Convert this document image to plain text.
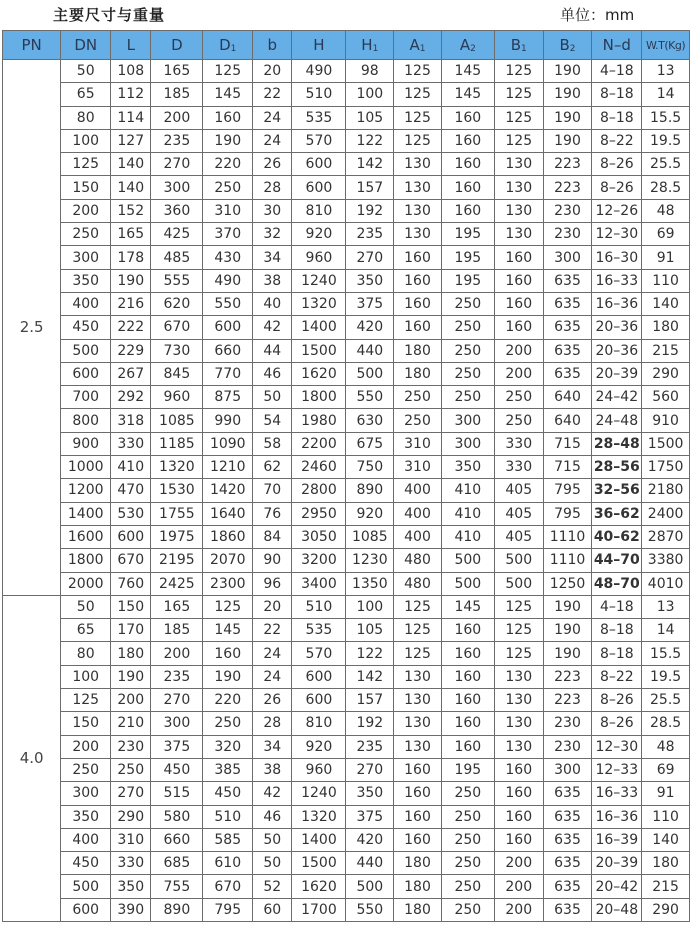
主要尺寸与重量	单位：mm
PN	DN	L	D	$D_1$	b	H	$H_1$	$A_1$	$A_2$	$B_1$	$B_2$	N–d	W.T(Kg)
2.5	50	108	165	125	20	490	98	125	145	125	190	4–18	13
	65	112	185	145	22	510	100	125	145	125	190	8–18	14
	80	114	200	160	24	535	105	125	160	125	190	8–18	15.5
	100	127	235	190	24	570	122	125	160	125	190	8–22	19.5
	125	140	270	220	26	600	142	130	160	130	223	8–26	25.5
	150	140	300	250	28	600	157	130	160	130	223	8–26	28.5
	200	152	360	310	30	810	192	130	160	130	230	12–26	48
	250	165	425	370	32	920	235	130	195	130	230	12–30	69
	300	178	485	430	34	960	270	160	195	160	300	16–30	91
	350	190	555	490	38	1240	350	160	195	160	635	16–33	110
	400	216	620	550	40	1320	375	160	250	160	635	16–36	140
	450	222	670	600	42	1400	420	160	250	160	635	20–36	180
	500	229	730	660	44	1500	440	180	250	200	635	20–36	215
	600	267	845	770	46	1620	500	180	250	200	635	20–39	290
	700	292	960	875	50	1800	550	250	250	250	640	24–42	560
	800	318	1085	990	54	1980	630	250	300	250	640	24–48	910
	900	330	1185	1090	58	2200	675	310	300	330	715	28–48	1500
	1000	410	1320	1210	62	2460	750	310	350	330	715	28–56	1750
	1200	470	1530	1420	70	2800	890	400	410	405	795	32–56	2180
	1400	530	1755	1640	76	2950	920	400	410	405	795	36–62	2400
	1600	600	1975	1860	84	3050	1085	400	410	405	1110	40–62	2870
	1800	670	2195	2070	90	3200	1230	480	500	500	1110	44–70	3380
	2000	760	2425	2300	96	3400	1350	480	500	500	1250	48–70	4010
4.0	50	150	165	125	20	510	100	125	145	125	190	4–18	13
	65	170	185	145	22	535	105	125	160	125	190	8–18	14
	80	180	200	160	24	570	122	125	160	125	190	8–18	15.5
	100	190	235	190	24	600	142	130	160	130	223	8–22	19.5
	125	200	270	220	26	600	157	130	160	130	223	8–26	25.5
	150	210	300	250	28	810	192	130	160	130	230	8–26	28.5
	200	230	375	320	34	920	235	130	160	130	230	12–30	48
	250	250	450	385	38	960	270	160	195	160	300	12–33	69
	300	270	515	450	42	1240	350	160	250	160	635	16–33	91
	350	290	580	510	46	1320	375	160	250	160	635	16–36	110
	400	310	660	585	50	1400	420	160	250	160	635	16–39	140
	450	330	685	610	50	1500	440	180	250	200	635	20–39	180
	500	350	755	670	52	1620	500	180	250	200	635	20–42	215
	600	390	890	795	60	1700	550	180	250	200	635	20–48	290
